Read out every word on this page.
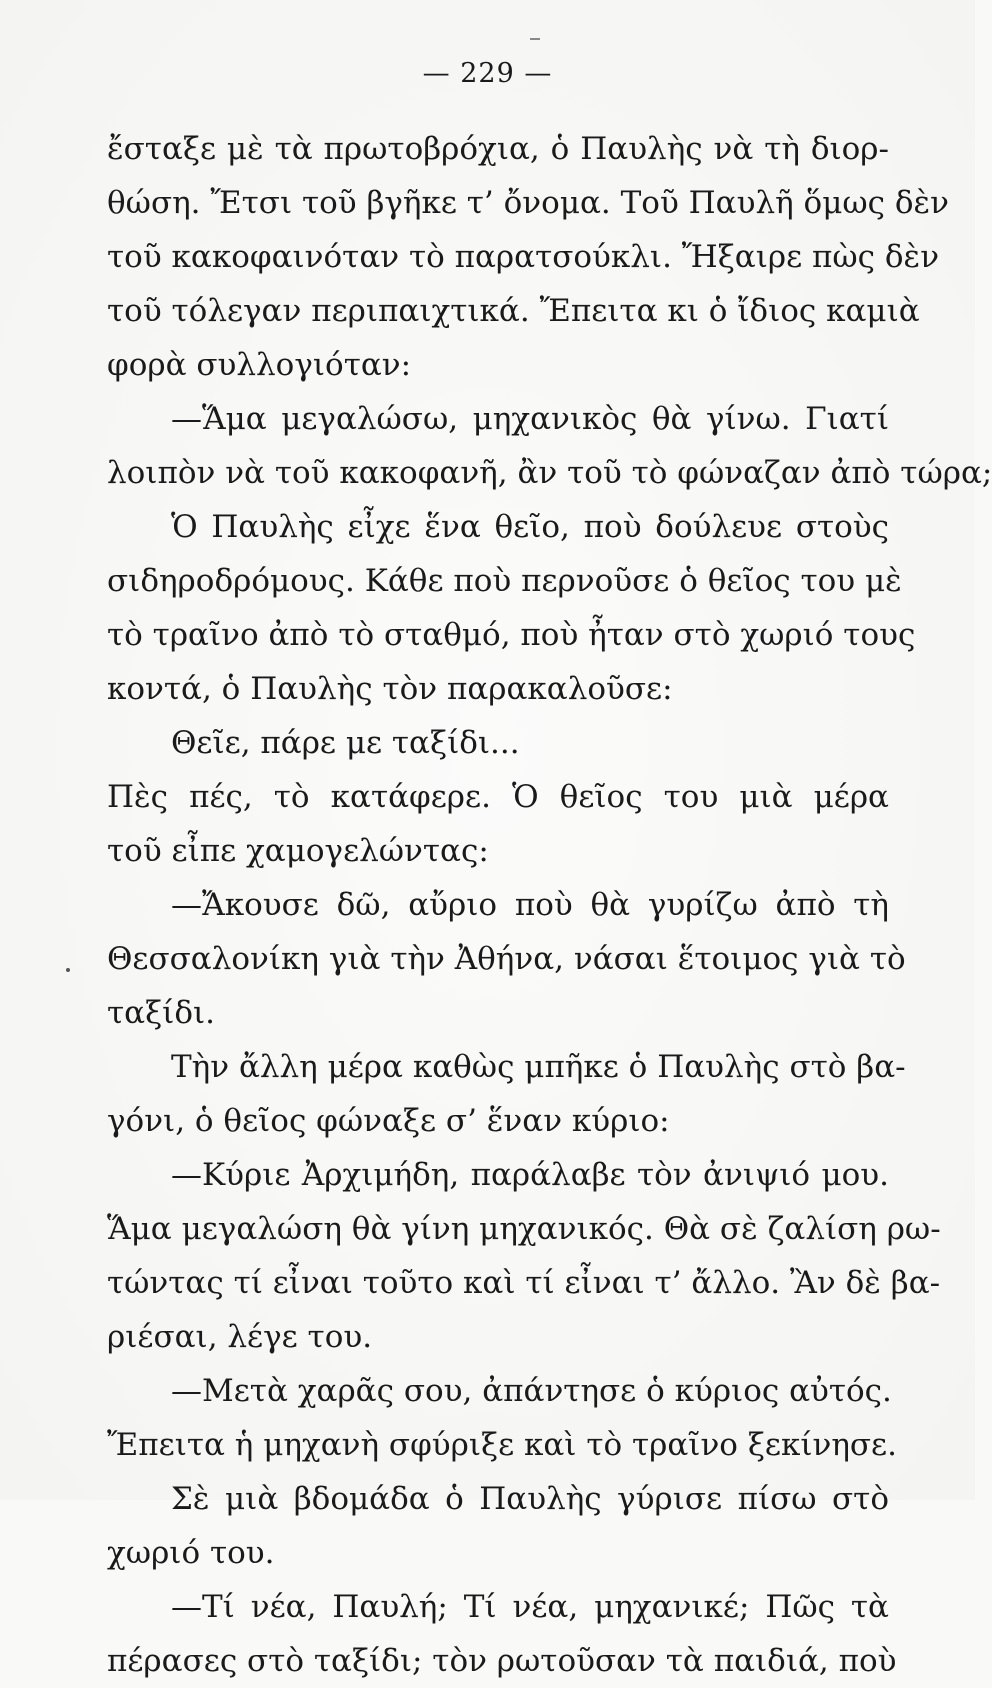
— 229 —
ἔσταξε μὲ τὰ πρωτοβρόχια, ὁ Παυλὴς νὰ τὴ διορ-
θώση. Ἔτσι τοῦ βγῆκε τ’ ὄνομα. Τοῦ Παυλῆ ὅμως δὲν
τοῦ κακοφαινόταν τὸ παρατσούκλι. Ἤξαιρε πὼς δὲν
τοῦ τόλεγαν περιπαιχτικά. Ἔπειτα κι ὁ ἴδιος καμιὰ
φορὰ συλλογιόταν:
—Ἅμα μεγαλώσω, μηχανικὸς θὰ γίνω. Γιατί
λοιπὸν νὰ τοῦ κακοφανῆ, ἂν τοῦ τὸ φώναζαν ἀπὸ τώρα;
Ὁ Παυλὴς εἶχε ἕνα θεῖο, ποὺ δούλευε στοὺς
σιδηροδρόμους. Κάθε ποὺ περνοῦσε ὁ θεῖος του μὲ
τὸ τραῖνο ἀπὸ τὸ σταθμό, ποὺ ἦταν στὸ χωριό τους
κοντά, ὁ Παυλὴς τὸν παρακαλοῦσε:
Θεῖε, πάρε με ταξίδι...
Πὲς πές, τὸ κατάφερε. Ὁ θεῖος του μιὰ μέρα
τοῦ εἶπε χαμογελώντας:
—Ἄκουσε δῶ, αὔριο ποὺ θὰ γυρίζω ἀπὸ τὴ
Θεσσαλονίκη γιὰ τὴν Ἀθήνα, νάσαι ἕτοιμος γιὰ τὸ
ταξίδι.
Τὴν ἄλλη μέρα καθὼς μπῆκε ὁ Παυλὴς στὸ βα-
γόνι, ὁ θεῖος φώναξε σ’ ἕναν κύριο:
—Κύριε Ἀρχιμήδη, παράλαβε τὸν ἀνιψιό μου.
Ἅμα μεγαλώση θὰ γίνη μηχανικός. Θὰ σὲ ζαλίση ρω-
τώντας τί εἶναι τοῦτο καὶ τί εἶναι τ’ ἄλλο. Ἂν δὲ βα-
ριέσαι, λέγε του.
—Μετὰ χαρᾶς σου, ἀπάντησε ὁ κύριος αὐτός.
Ἔπειτα ἡ μηχανὴ σφύριξε καὶ τὸ τραῖνο ξεκίνησε.
Σὲ μιὰ βδομάδα ὁ Παυλὴς γύρισε πίσω στὸ
χωριό του.
—Τί νέα, Παυλή; Τί νέα, μηχανικέ; Πῶς τὰ
πέρασες στὸ ταξίδι; τὸν ρωτοῦσαν τὰ παιδιά, ποὺ
